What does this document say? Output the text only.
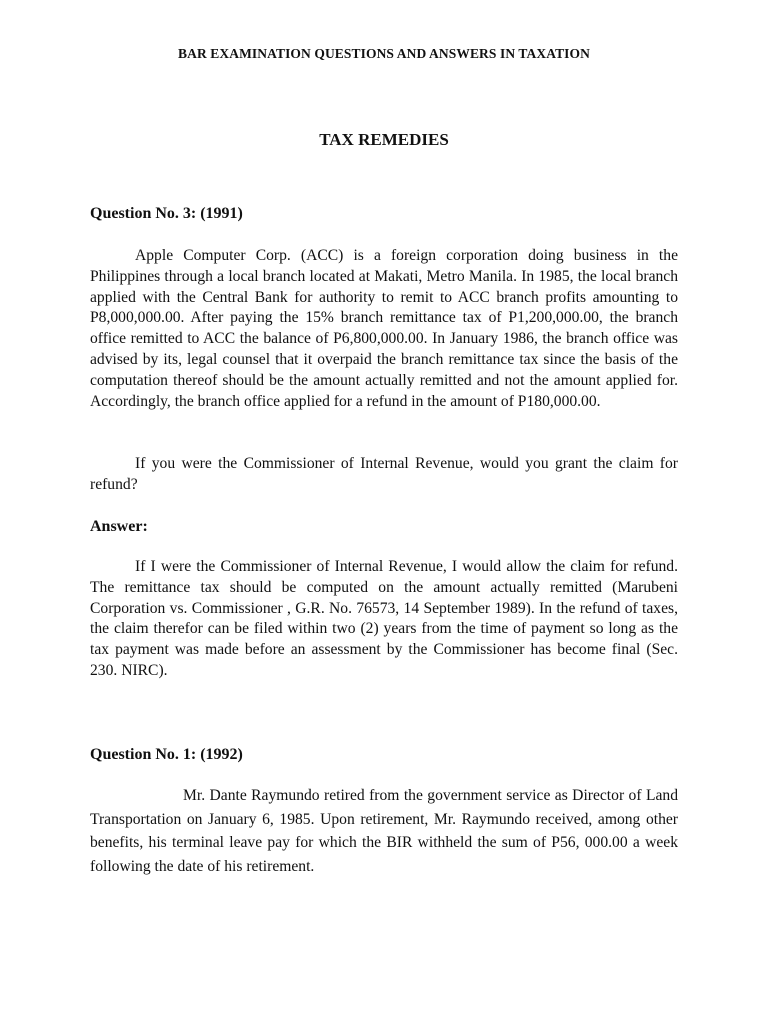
BAR EXAMINATION QUESTIONS AND ANSWERS IN TAXATION
TAX REMEDIES
Question No. 3: (1991)

Apple Computer Corp. (ACC) is a foreign corporation doing business in the Philippines through a local branch located at Makati, Metro Manila. In 1985, the local branch applied with the Central Bank for authority to remit to ACC branch profits amounting to P8,000,000.00. After paying the 15% branch remittance tax of P1,200,000.00, the branch office remitted to ACC the balance of P6,800,000.00. In January 1986, the branch office was advised by its, legal counsel that it overpaid the branch remittance tax since the basis of the computation thereof should be the amount actually remitted and not the amount applied for. Accordingly, the branch office applied for a refund in the amount of P180,000.00.

If you were the Commissioner of Internal Revenue, would you grant the claim for refund?

Answer:

If I were the Commissioner of Internal Revenue, I would allow the claim for refund. The remittance tax should be computed on the amount actually remitted (Marubeni Corporation vs. Commissioner , G.R. No. 76573, 14 September 1989). In the refund of taxes, the claim therefor can be filed within two (2) years from the time of payment so long as the tax payment was made before an assessment by the Commissioner has become final (Sec. 230. NIRC).

Question No. 1: (1992)

Mr. Dante Raymundo retired from the government service as Director of Land Transportation on January 6, 1985. Upon retirement, Mr. Raymundo received, among other benefits, his terminal leave pay for which the BIR withheld the sum of P56, 000.00 a week following the date of his retirement.
